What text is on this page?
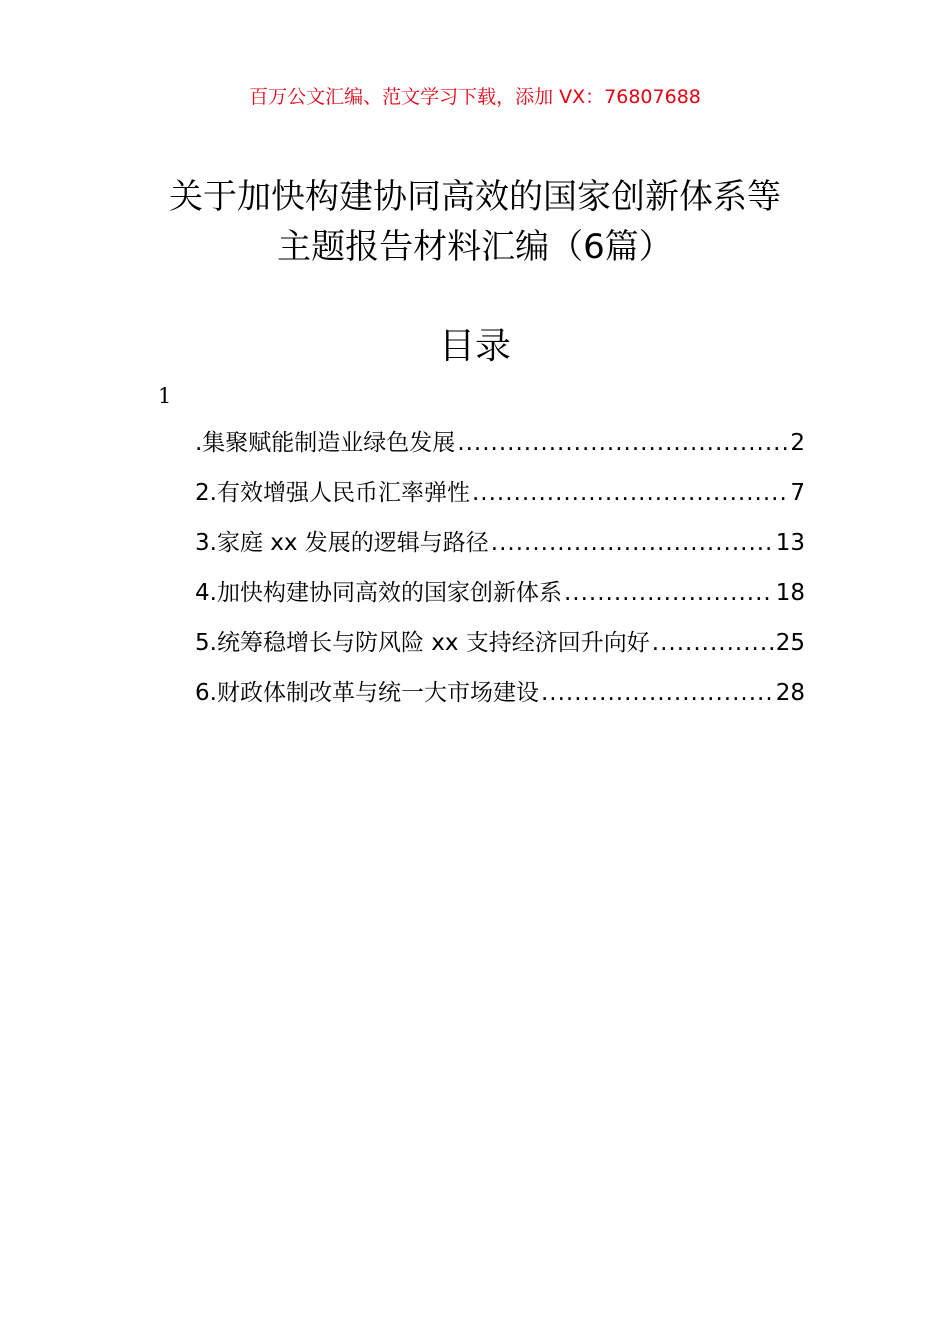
百万公文汇编、范文学习下载，添加 VX：76807688
关于加快构建协同高效的国家创新体系等
主题报告材料汇编（6篇）
目录
1
.集聚赋能制造业绿色发展 .....	2
2.有效增强人民币汇率弹性 .....	7
3.家庭 xx 发展的逻辑与路径 .....	13
4.加快构建协同高效的国家创新体系 .....	18
5.统筹稳增长与防风险 xx 支持经济回升向好 .....	25
6.财政体制改革与统一大市场建设 .....	28
